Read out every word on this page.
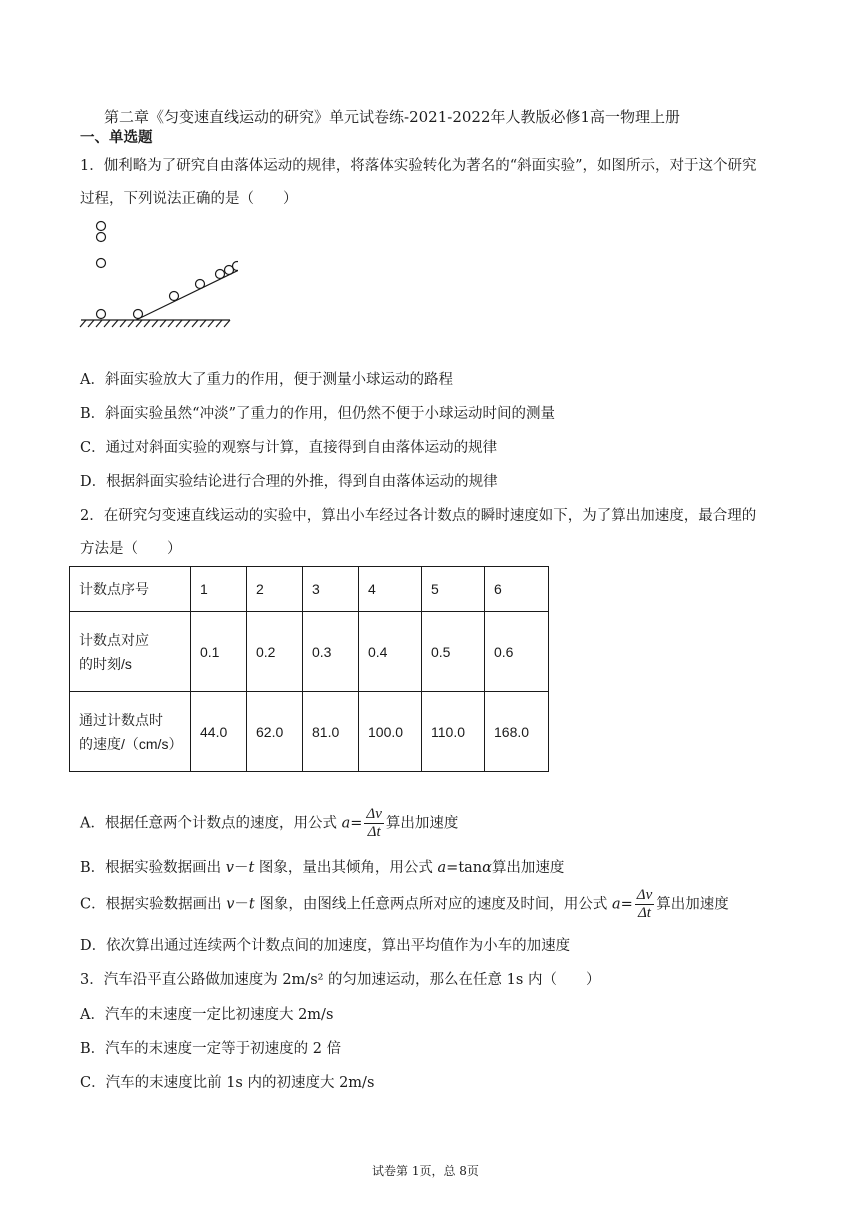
第二章《匀变速直线运动的研究》单元试卷练-2021-2022年人教版必修1高一物理上册
一、单选题
1．伽利略为了研究自由落体运动的规律，将落体实验转化为著名的“斜面实验”，如图所示，对于这个研究
过程，下列说法正确的是（　　）
A．斜面实验放大了重力的作用，便于测量小球运动的路程
B．斜面实验虽然“冲淡”了重力的作用，但仍然不便于小球运动时间的测量
C．通过对斜面实验的观察与计算，直接得到自由落体运动的规律
D．根据斜面实验结论进行合理的外推，得到自由落体运动的规律
2．在研究匀变速直线运动的实验中，算出小车经过各计数点的瞬时速度如下，为了算出加速度，最合理的
方法是（　　）
计数点序号	1	2	3	4	5	6
计数点对应
的时刻/s	0.1	0.2	0.3	0.4	0.5	0.6
通过计数点时
的速度/（cm/s）	44.0	62.0	81.0	100.0	110.0	168.0
A．根据任意两个计数点的速度，用公式 $a= \frac{\Delta v}{\Delta t}$ 算出加速度
B．根据实验数据画出 v－t 图象，量出其倾角，用公式 a=tanα算出加速度
C．根据实验数据画出 v－t 图象，由图线上任意两点所对应的速度及时间，用公式 $a= \frac{\Delta v}{\Delta t}$ 算出加速度
D．依次算出通过连续两个计数点间的加速度，算出平均值作为小车的加速度
3．汽车沿平直公路做加速度为 2m/s² 的匀加速运动，那么在任意 1s 内（　　）
A．汽车的末速度一定比初速度大 2m/s
B．汽车的末速度一定等于初速度的 2 倍
C．汽车的末速度比前 1s 内的初速度大 2m/s
试卷第 1页，总 8页
